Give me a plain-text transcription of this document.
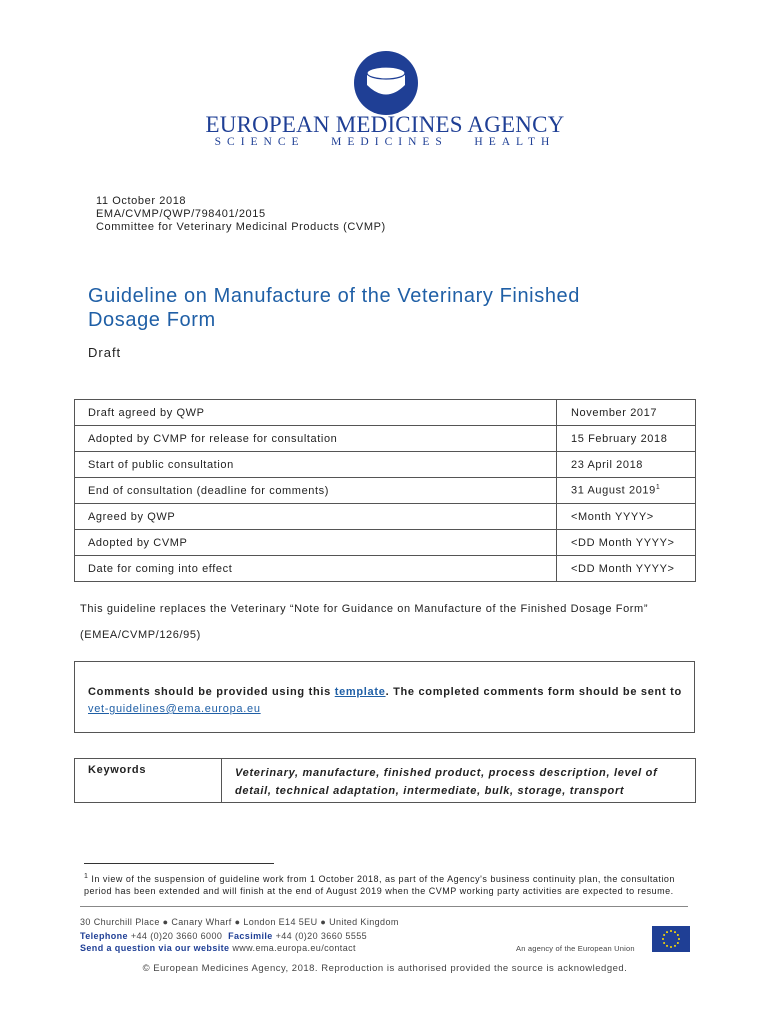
EUROPEAN MEDICINES AGENCY
SCIENCE   MEDICINES   HEALTH
11 October 2018
EMA/CVMP/QWP/798401/2015
Committee for Veterinary Medicinal Products (CVMP)
Guideline on Manufacture of the Veterinary Finished
Dosage Form
Draft
Draft agreed by QWP	November 2017
Adopted by CVMP for release for consultation	15 February 2018
Start of public consultation	23 April 2018
End of consultation (deadline for comments)	31 August 2019$^1$
Agreed by QWP	<Month YYYY>
Adopted by CVMP	<DD Month YYYY>
Date for coming into effect	<DD Month YYYY>
This guideline replaces the Veterinary “Note for Guidance on Manufacture of the Finished Dosage Form”
(EMEA/CVMP/126/95)
Comments should be provided using this template. The completed comments form should be sent to vet-guidelines@ema.europa.eu
Keywords	Veterinary, manufacture, finished product, process description, level of detail, technical adaptation, intermediate, bulk, storage, transport
$^1$ In view of the suspension of guideline work from 1 October 2018, as part of the Agency's business continuity plan, the consultation period has been extended and will finish at the end of August 2019 when the CVMP working party activities are expected to resume.
30 Churchill Place ● Canary Wharf ● London E14 5EU ● United Kingdom
Telephone +44 (0)20 3660 6000 Facsimile +44 (0)20 3660 5555
Send a question via our website www.ema.europa.eu/contact	An agency of the European Union
© European Medicines Agency, 2018. Reproduction is authorised provided the source is acknowledged.
